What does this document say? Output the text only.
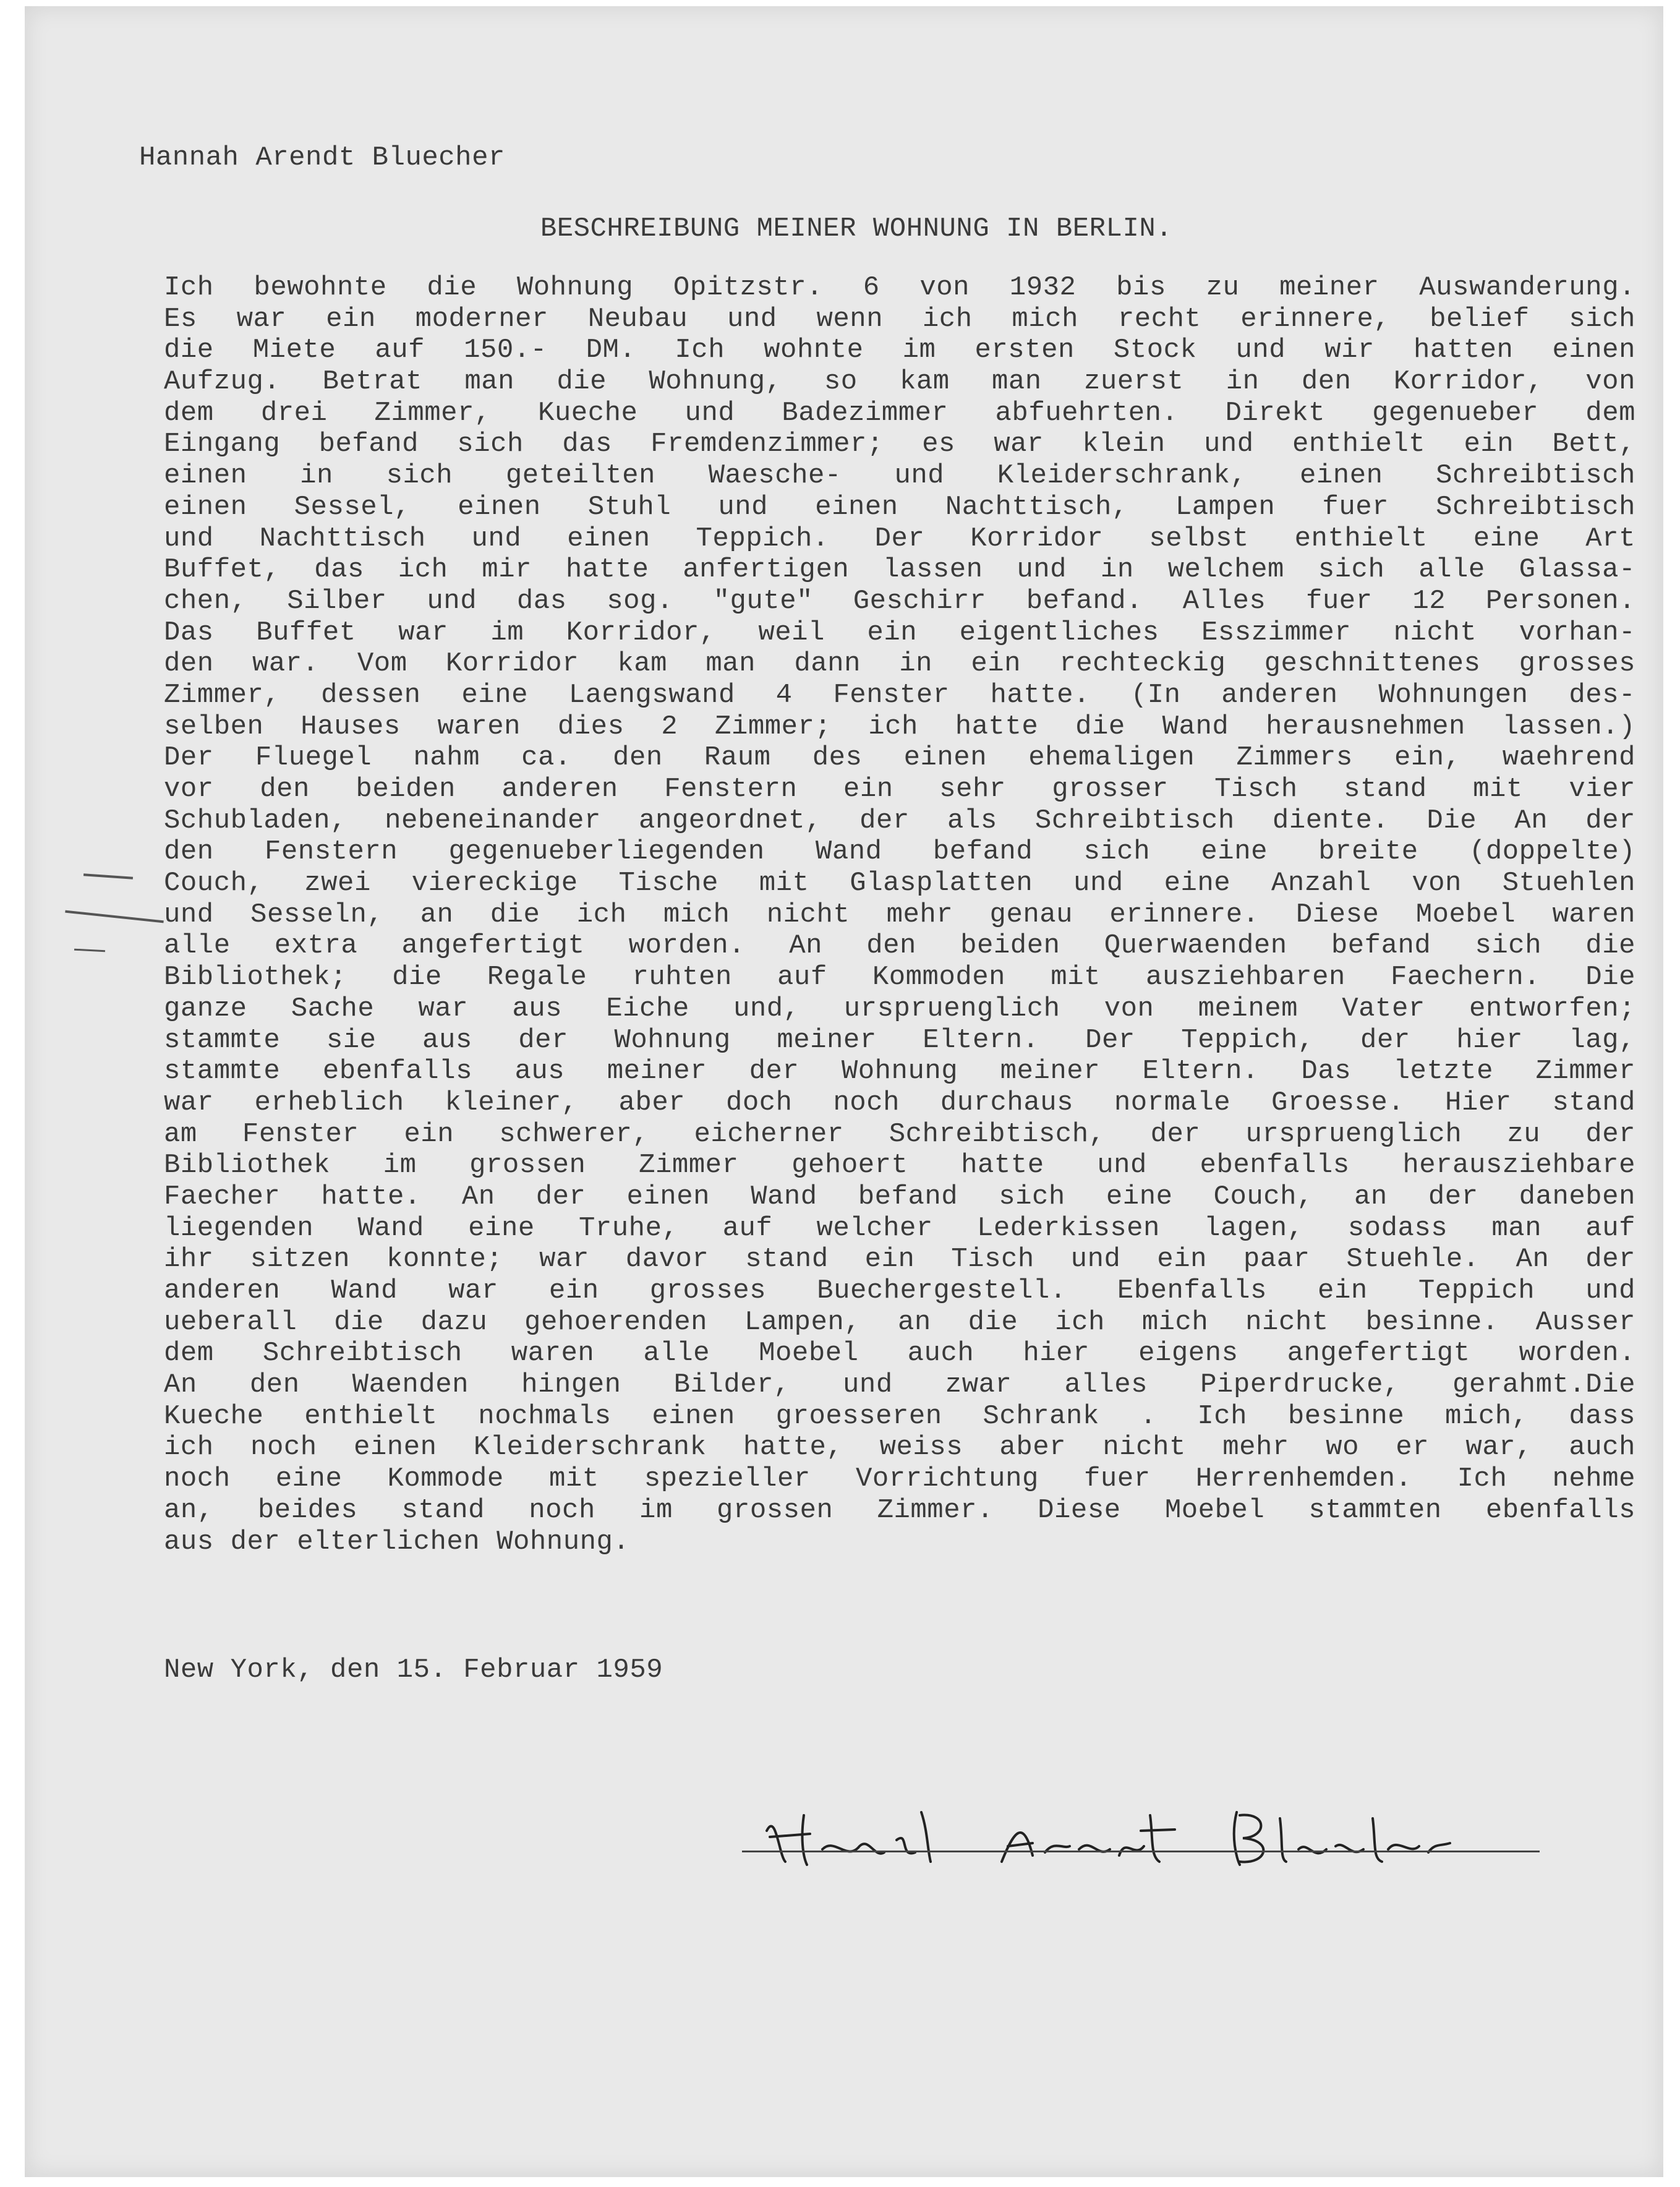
Hannah Arendt Bluecher
BESCHREIBUNG MEINER WOHNUNG IN BERLIN.
Ich bewohnte die Wohnung Opitzstr. 6 von 1932 bis zu meiner Auswanderung.
Es war ein moderner Neubau und wenn ich mich recht erinnere, belief sich
die Miete auf 150.- DM. Ich wohnte im ersten Stock und wir hatten einen
Aufzug. Betrat man die Wohnung, so kam man zuerst in den Korridor, von
dem drei Zimmer, Kueche und Badezimmer abfuehrten. Direkt gegenueber dem
Eingang befand sich das Fremdenzimmer; es war klein und enthielt ein Bett,
einen in sich geteilten Waesche- und Kleiderschrank, einen Schreibtisch
einen Sessel, einen Stuhl und einen Nachttisch, Lampen fuer Schreibtisch
und Nachttisch und einen Teppich. Der Korridor selbst enthielt eine Art
Buffet, das ich mir hatte anfertigen lassen und in welchem sich alle Glassa-
chen, Silber und das sog. "gute" Geschirr befand. Alles fuer 12 Personen.
Das Buffet war im Korridor, weil ein eigentliches Esszimmer nicht vorhan-
den war. Vom Korridor kam man dann in ein rechteckig geschnittenes grosses
Zimmer, dessen eine Laengswand 4 Fenster hatte. (In anderen Wohnungen des-
selben Hauses waren dies 2 Zimmer; ich hatte die Wand herausnehmen lassen.)
Der Fluegel nahm ca. den Raum des einen ehemaligen Zimmers ein, waehrend
vor den beiden anderen Fenstern ein sehr grosser Tisch stand mit vier
Schubladen, nebeneinander angeordnet, der als Schreibtisch diente. Die An der
den Fenstern gegenueberliegenden Wand befand sich eine breite (doppelte)
Couch, zwei viereckige Tische mit Glasplatten und eine Anzahl von Stuehlen
und Sesseln, an die ich mich nicht mehr genau erinnere. Diese Moebel waren
alle extra angefertigt worden. An den beiden Querwaenden befand sich die
Bibliothek; die Regale ruhten auf Kommoden mit ausziehbaren Faechern. Die
ganze Sache war aus Eiche und, urspruenglich von meinem Vater entworfen;
stammte sie aus der Wohnung meiner Eltern. Der Teppich, der hier lag,
stammte ebenfalls aus meiner der Wohnung meiner Eltern. Das letzte Zimmer
war erheblich kleiner, aber doch noch durchaus normale Groesse. Hier stand
am Fenster ein schwerer, eicherner Schreibtisch, der urspruenglich zu der
Bibliothek im grossen Zimmer gehoert hatte und ebenfalls herausziehbare
Faecher hatte. An der einen Wand befand sich eine Couch, an der daneben
liegenden Wand eine Truhe, auf welcher Lederkissen lagen, sodass man auf
ihr sitzen konnte; war davor stand ein Tisch und ein paar Stuehle. An der
anderen Wand war ein grosses Buechergestell. Ebenfalls ein Teppich und
ueberall die dazu gehoerenden Lampen, an die ich mich nicht besinne. Ausser
dem Schreibtisch waren alle Moebel auch hier eigens angefertigt worden.
An den Waenden hingen Bilder, und zwar alles Piperdrucke, gerahmt.Die
Kueche enthielt nochmals einen groesseren Schrank . Ich besinne mich, dass
ich noch einen Kleiderschrank hatte, weiss aber nicht mehr wo er war, auch
noch eine Kommode mit spezieller Vorrichtung fuer Herrenhemden. Ich nehme
an, beides stand noch im grossen Zimmer. Diese Moebel stammten ebenfalls
aus der elterlichen Wohnung.
New York, den 15. Februar 1959
